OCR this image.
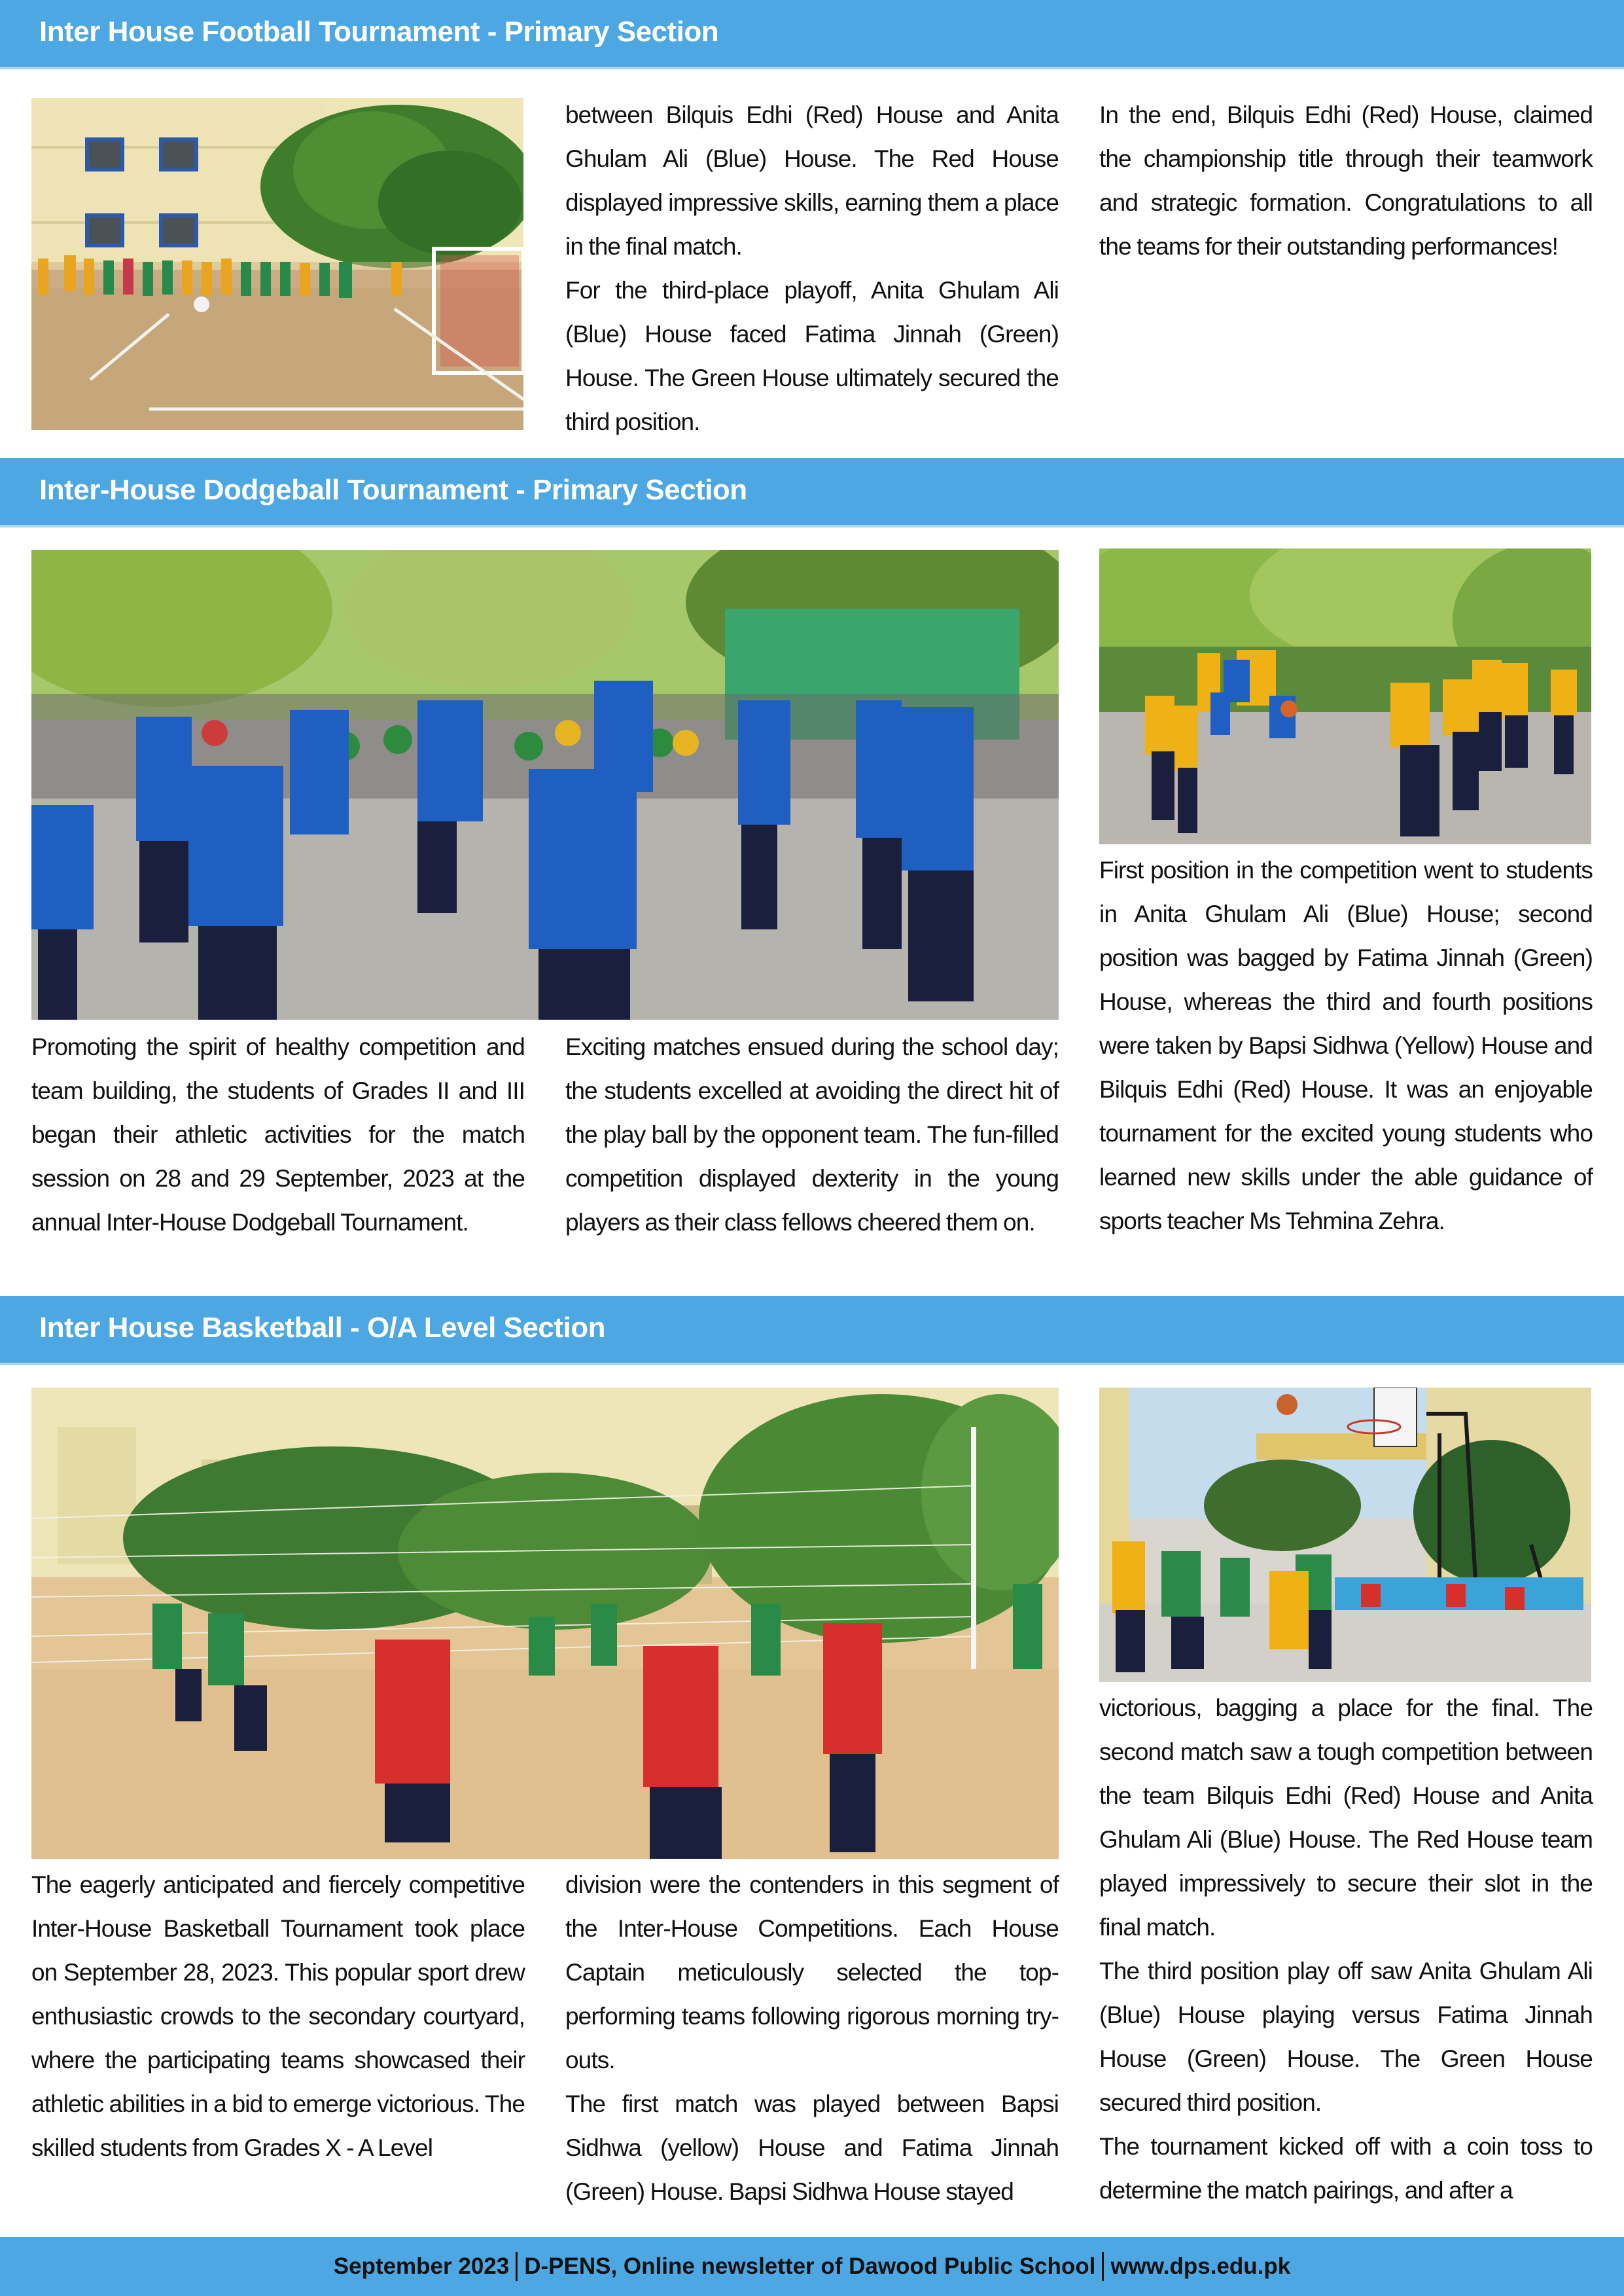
Inter House Football Tournament - Primary Section

between Bilquis Edhi (Red) House and Anita Ghulam Ali (Blue) House. The Red House displayed impressive skills, earning them a place in the final match.

For the third-place playoff, Anita Ghulam Ali (Blue) House faced Fatima Jinnah (Green) House. The Green House ultimately secured the third position.

In the end, Bilquis Edhi (Red) House, claimed the championship title through their teamwork and strategic formation. Congratulations to all the teams for their outstanding performances!

Inter-House Dodgeball Tournament - Primary Section

Promoting the spirit of healthy competition and team building, the students of Grades II and III began their athletic activities for the match session on 28 and 29 September, 2023 at the annual Inter-House Dodgeball Tournament.

Exciting matches ensued during the school day; the students excelled at avoiding the direct hit of the play ball by the opponent team. The fun-filled competition displayed dexterity in the young players as their class fellows cheered them on.

First position in the competition went to students in Anita Ghulam Ali (Blue) House; second position was bagged by Fatima Jinnah (Green) House, whereas the third and fourth positions were taken by Bapsi Sidhwa (Yellow) House and Bilquis Edhi (Red) House. It was an enjoyable tournament for the excited young students who learned new skills under the able guidance of sports teacher Ms Tehmina Zehra.

Inter House Basketball - O/A Level Section

The eagerly anticipated and fiercely competitive Inter-House Basketball Tournament took place on September 28, 2023. This popular sport drew enthusiastic crowds to the secondary courtyard, where the participating teams showcased their athletic abilities in a bid to emerge victorious. The skilled students from Grades X - A Level

division were the contenders in this segment of the Inter-House Competitions. Each House Captain meticulously selected the top-performing teams following rigorous morning try-outs.

The first match was played between Bapsi Sidhwa (yellow) House and Fatima Jinnah (Green) House. Bapsi Sidhwa House stayed

victorious, bagging a place for the final. The second match saw a tough competition between the team Bilquis Edhi (Red) House and Anita Ghulam Ali (Blue) House. The Red House team played impressively to secure their slot in the final match.

The third position play off saw Anita Ghulam Ali (Blue) House playing versus Fatima Jinnah House (Green) House. The Green House secured third position.

The tournament kicked off with a coin toss to determine the match pairings, and after a

September 2023 D-PENS, Online newsletter of Dawood Public School www.dps.edu.pk
